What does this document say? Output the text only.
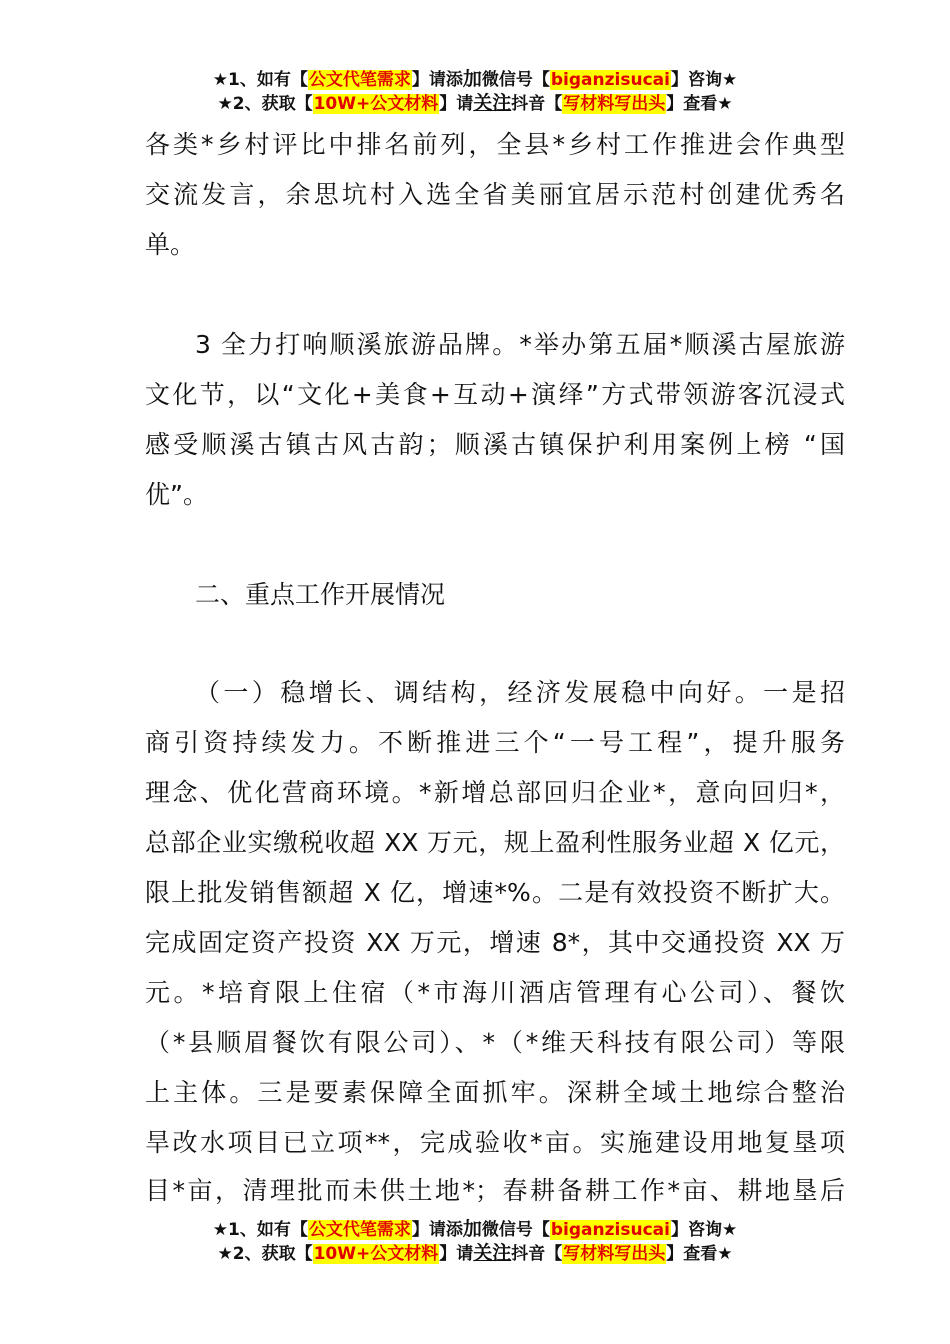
★1、如有【公文代笔需求】请添加微信号【biganzisucai】咨询★
★2、获取【10W+公文材料】请关注抖音【写材料写出头】查看★
各类*乡村评比中排名前列，全县*乡村工作推进会作典型
交流发言，余思坑村入选全省美丽宜居示范村创建优秀名
单。
3 全力打响顺溪旅游品牌。*举办第五届*顺溪古屋旅游
文化节，以“文化+美食+互动+演绎”方式带领游客沉浸式
感受顺溪古镇古风古韵；顺溪古镇保护利用案例上榜 “国
优”。
二、重点工作开展情况
（一）稳增长、调结构，经济发展稳中向好。一是招
商引资持续发力。不断推进三个“一号工程”，提升服务
理念、优化营商环境。*新增总部回归企业*，意向回归*，
总部企业实缴税收超 XX 万元，规上盈利性服务业超 X 亿元，
限上批发销售额超 X 亿，增速*%。二是有效投资不断扩大。
完成固定资产投资 XX 万元，增速 8*，其中交通投资 XX 万
元。*培育限上住宿（*市海川酒店管理有心公司）、餐饮
（*县顺眉餐饮有限公司）、*（*维天科技有限公司）等限
上主体。三是要素保障全面抓牢。深耕全域土地综合整治
旱改水项目已立项**，完成验收*亩。实施建设用地复垦项
目*亩，清理批而未供土地*；春耕备耕工作*亩、耕地垦后
★1、如有【公文代笔需求】请添加微信号【biganzisucai】咨询★
★2、获取【10W+公文材料】请关注抖音【写材料写出头】查看★
